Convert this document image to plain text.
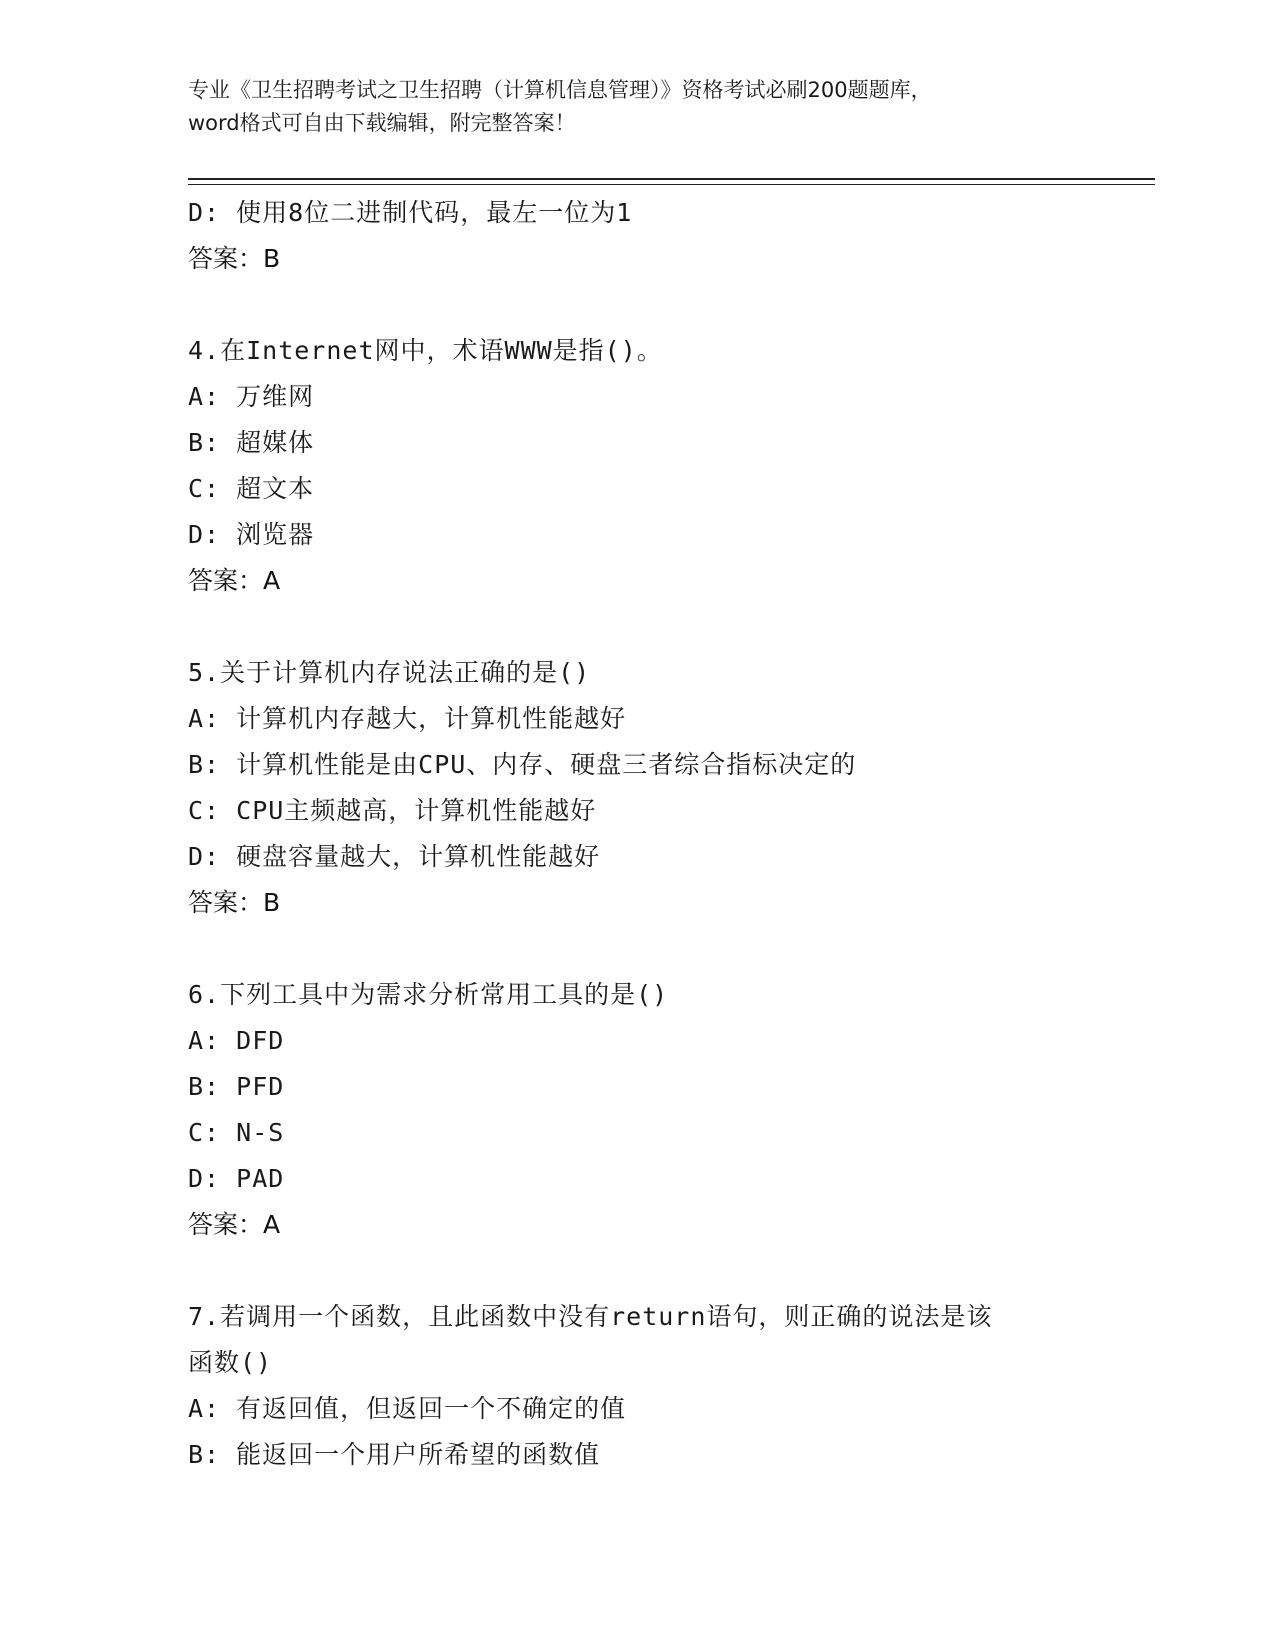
专业《卫生招聘考试之卫生招聘（计算机信息管理）》资格考试必刷200题题库，
word格式可自由下载编辑，附完整答案！
D: 使用8位二进制代码，最左一位为1
答案：B
4.在Internet网中，术语WWW是指()。
A: 万维网
B: 超媒体
C: 超文本
D: 浏览器
答案：A
5.关于计算机内存说法正确的是()
A: 计算机内存越大，计算机性能越好
B: 计算机性能是由CPU、内存、硬盘三者综合指标决定的
C: CPU主频越高，计算机性能越好
D: 硬盘容量越大，计算机性能越好
答案：B
6.下列工具中为需求分析常用工具的是()
A: DFD
B: PFD
C: N-S
D: PAD
答案：A
7.若调用一个函数，且此函数中没有return语句，则正确的说法是该
函数()
A: 有返回值，但返回一个不确定的值
B: 能返回一个用户所希望的函数值
